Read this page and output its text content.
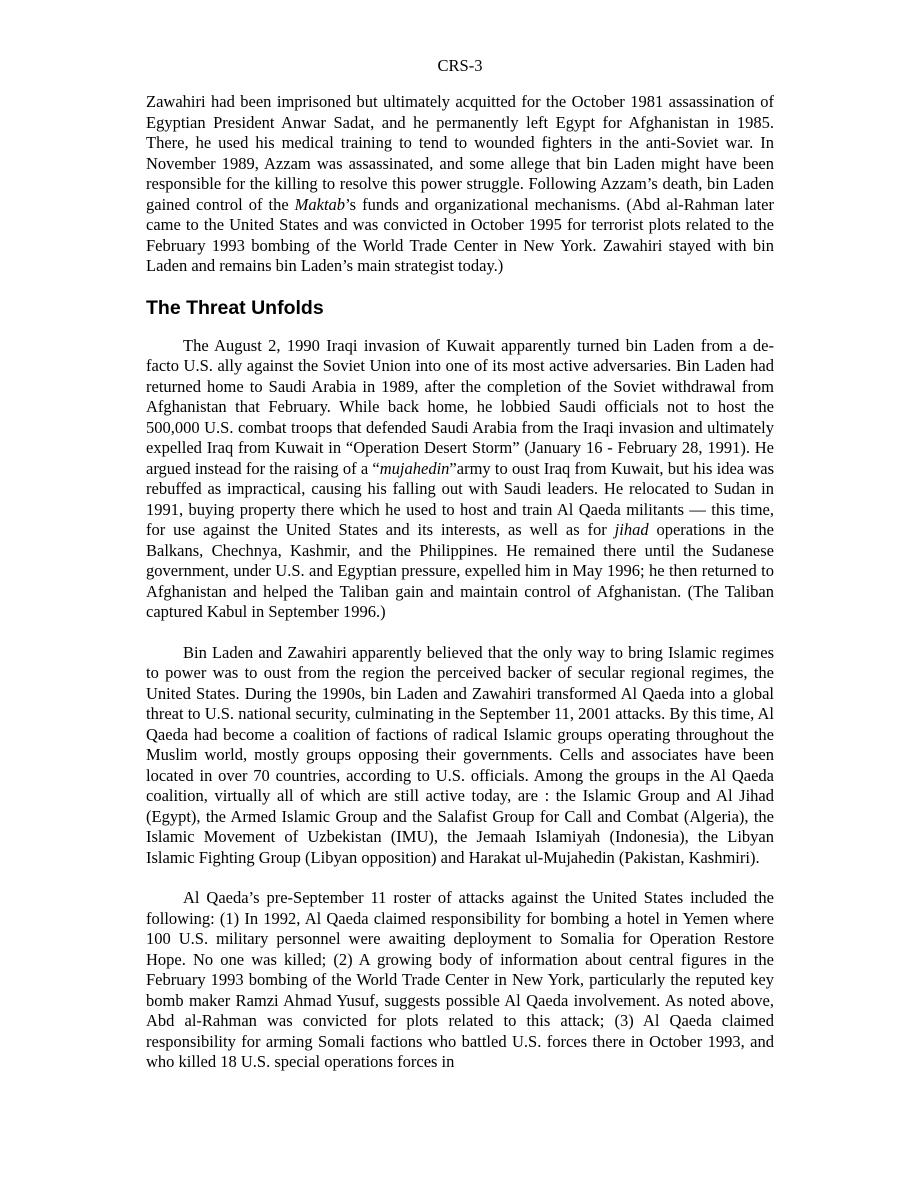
CRS-3

Zawahiri had been imprisoned but ultimately acquitted for the October 1981 assassination of Egyptian President Anwar Sadat, and he permanently left Egypt for Afghanistan in 1985. There, he used his medical training to tend to wounded fighters in the anti-Soviet war. In November 1989, Azzam was assassinated, and some allege that bin Laden might have been responsible for the killing to resolve this power struggle. Following Azzam’s death, bin Laden gained control of the Maktab’s funds and organizational mechanisms. (Abd al-Rahman later came to the United States and was convicted in October 1995 for terrorist plots related to the February 1993 bombing of the World Trade Center in New York. Zawahiri stayed with bin Laden and remains bin Laden’s main strategist today.)

The Threat Unfolds

The August 2, 1990 Iraqi invasion of Kuwait apparently turned bin Laden from a de-facto U.S. ally against the Soviet Union into one of its most active adversaries. Bin Laden had returned home to Saudi Arabia in 1989, after the completion of the Soviet withdrawal from Afghanistan that February. While back home, he lobbied Saudi officials not to host the 500,000 U.S. combat troops that defended Saudi Arabia from the Iraqi invasion and ultimately expelled Iraq from Kuwait in “Operation Desert Storm” (January 16 - February 28, 1991). He argued instead for the raising of a “mujahedin”army to oust Iraq from Kuwait, but his idea was rebuffed as impractical, causing his falling out with Saudi leaders. He relocated to Sudan in 1991, buying property there which he used to host and train Al Qaeda militants — this time, for use against the United States and its interests, as well as for jihad operations in the Balkans, Chechnya, Kashmir, and the Philippines. He remained there until the Sudanese government, under U.S. and Egyptian pressure, expelled him in May 1996; he then returned to Afghanistan and helped the Taliban gain and maintain control of Afghanistan. (The Taliban captured Kabul in September 1996.)

Bin Laden and Zawahiri apparently believed that the only way to bring Islamic regimes to power was to oust from the region the perceived backer of secular regional regimes, the United States. During the 1990s, bin Laden and Zawahiri transformed Al Qaeda into a global threat to U.S. national security, culminating in the September 11, 2001 attacks. By this time, Al Qaeda had become a coalition of factions of radical Islamic groups operating throughout the Muslim world, mostly groups opposing their governments. Cells and associates have been located in over 70 countries, according to U.S. officials. Among the groups in the Al Qaeda coalition, virtually all of which are still active today, are : the Islamic Group and Al Jihad (Egypt), the Armed Islamic Group and the Salafist Group for Call and Combat (Algeria), the Islamic Movement of Uzbekistan (IMU), the Jemaah Islamiyah (Indonesia), the Libyan Islamic Fighting Group (Libyan opposition) and Harakat ul-Mujahedin (Pakistan, Kashmiri).

Al Qaeda’s pre-September 11 roster of attacks against the United States included the following: (1) In 1992, Al Qaeda claimed responsibility for bombing a hotel in Yemen where 100 U.S. military personnel were awaiting deployment to Somalia for Operation Restore Hope. No one was killed; (2) A growing body of information about central figures in the February 1993 bombing of the World Trade Center in New York, particularly the reputed key bomb maker Ramzi Ahmad Yusuf, suggests possible Al Qaeda involvement. As noted above, Abd al-Rahman was convicted for plots related to this attack; (3) Al Qaeda claimed responsibility for arming Somali factions who battled U.S. forces there in October 1993, and who killed 18 U.S. special operations forces in
